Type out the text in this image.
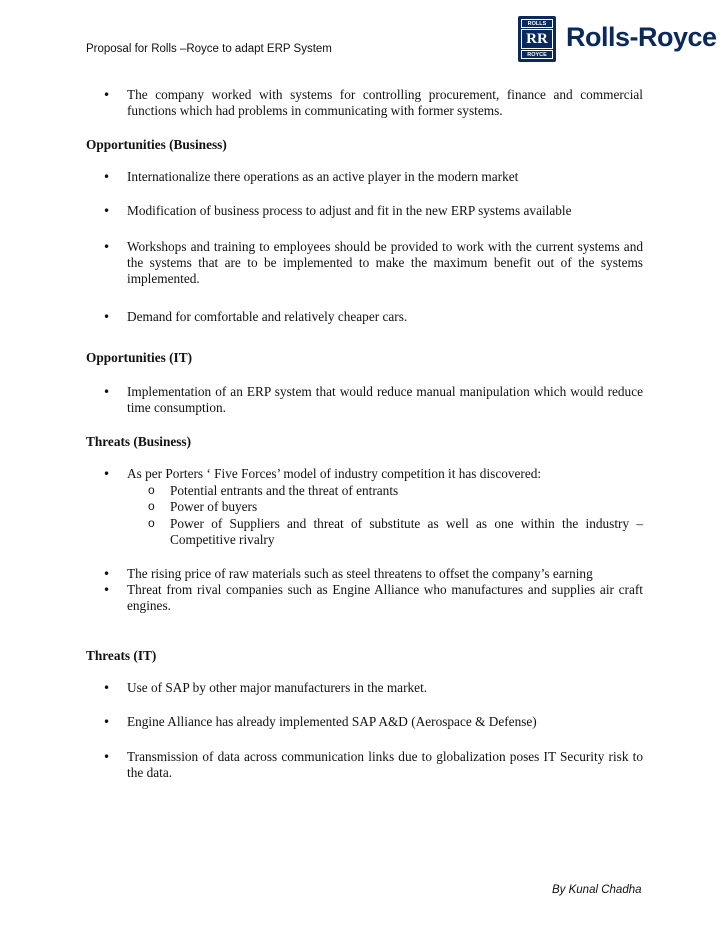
Proposal for Rolls –Royce to adapt ERP System
ROLLS
RR
ROYCE
Rolls-Royce
• The company worked with systems for controlling procurement, finance and commercial functions which had problems in communicating with former systems.
Opportunities (Business)
• Internationalize there operations as an active player in the modern market
• Modification of business process to adjust and fit in the new ERP systems available
• Workshops and training to employees should be provided to work with the current systems and the systems that are to be implemented to make the maximum benefit out of the systems implemented.
• Demand for comfortable and relatively cheaper cars.
Opportunities (IT)
• Implementation of an ERP system that would reduce manual manipulation which would reduce time consumption.
Threats (Business)
• As per Porters ‘ Five Forces’ model of industry competition it has discovered:
o Potential entrants and the threat of entrants
o Power of buyers
o Power of Suppliers and threat of substitute as well as one within the industry – Competitive rivalry
• The rising price of raw materials such as steel threatens to offset the company’s earning
• Threat from rival companies such as Engine Alliance who manufactures and supplies air craft engines.
Threats (IT)
• Use of SAP by other major manufacturers in the market.
• Engine Alliance has already implemented SAP A&D (Aerospace & Defense)
• Transmission of data across communication links due to globalization poses IT Security risk to the data.
By Kunal Chadha
